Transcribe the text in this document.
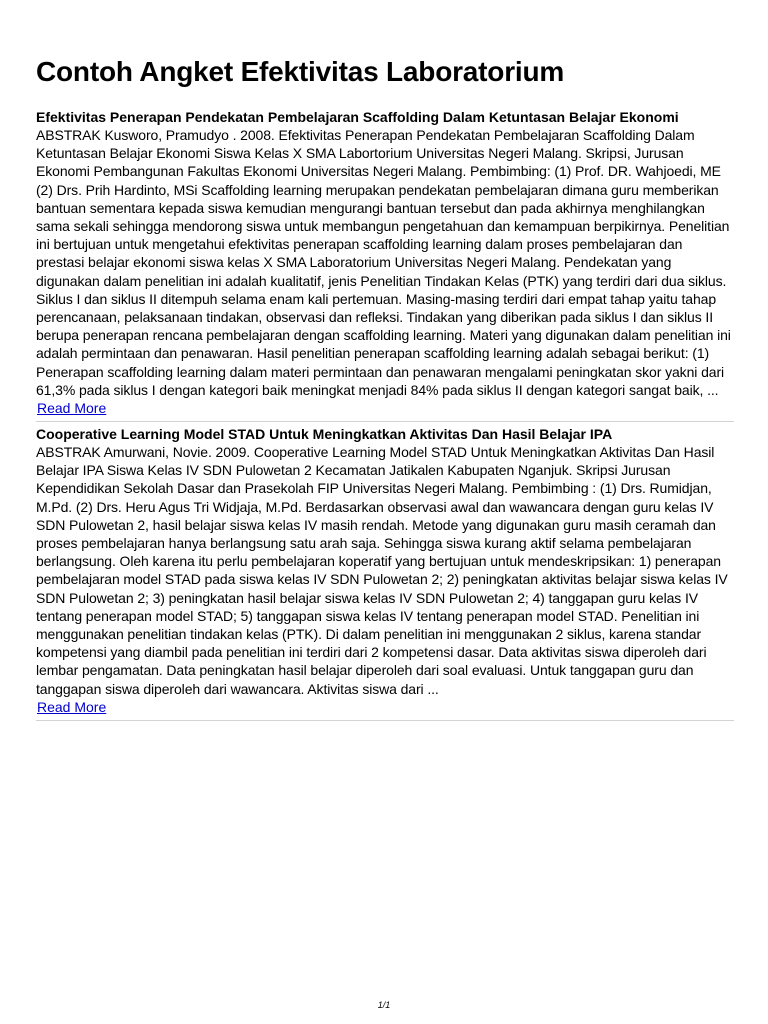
Contoh Angket Efektivitas Laboratorium

Efektivitas Penerapan Pendekatan Pembelajaran Scaffolding Dalam Ketuntasan Belajar Ekonomi

ABSTRAK Kusworo, Pramudyo . 2008. Efektivitas Penerapan Pendekatan Pembelajaran Scaffolding Dalam Ketuntasan Belajar Ekonomi Siswa Kelas X SMA Labortorium Universitas Negeri Malang. Skripsi, Jurusan Ekonomi Pembangunan Fakultas Ekonomi Universitas Negeri Malang. Pembimbing: (1) Prof. DR. Wahjoedi, ME (2) Drs. Prih Hardinto, MSi Scaffolding learning merupakan pendekatan pembelajaran dimana guru memberikan bantuan sementara kepada siswa kemudian mengurangi bantuan tersebut dan pada akhirnya menghilangkan sama sekali sehingga mendorong siswa untuk membangun pengetahuan dan kemampuan berpikirnya. Penelitian ini bertujuan untuk mengetahui efektivitas penerapan scaffolding learning dalam proses pembelajaran dan prestasi belajar ekonomi siswa kelas X SMA Laboratorium Universitas Negeri Malang. Pendekatan yang digunakan dalam penelitian ini adalah kualitatif, jenis Penelitian Tindakan Kelas (PTK) yang terdiri dari dua siklus. Siklus I dan siklus II ditempuh selama enam kali pertemuan. Masing-masing terdiri dari empat tahap yaitu tahap perencanaan, pelaksanaan tindakan, observasi dan refleksi. Tindakan yang diberikan pada siklus I dan siklus II berupa penerapan rencana pembelajaran dengan scaffolding learning. Materi yang digunakan dalam penelitian ini adalah permintaan dan penawaran. Hasil penelitian penerapan scaffolding learning adalah sebagai berikut: (1) Penerapan scaffolding learning dalam materi permintaan dan penawaran mengalami peningkatan skor yakni dari 61,3% pada siklus I dengan kategori baik meningkat menjadi 84% pada siklus II dengan kategori sangat baik, ...

Read More

Cooperative Learning Model STAD Untuk Meningkatkan Aktivitas Dan Hasil Belajar IPA

ABSTRAK Amurwani, Novie. 2009. Cooperative Learning Model STAD Untuk Meningkatkan Aktivitas Dan Hasil Belajar IPA Siswa Kelas IV SDN Pulowetan 2 Kecamatan Jatikalen Kabupaten Nganjuk. Skripsi Jurusan Kependidikan Sekolah Dasar dan Prasekolah FIP Universitas Negeri Malang. Pembimbing : (1) Drs. Rumidjan, M.Pd. (2) Drs. Heru Agus Tri Widjaja, M.Pd. Berdasarkan observasi awal dan wawancara dengan guru kelas IV SDN Pulowetan 2, hasil belajar siswa kelas IV masih rendah. Metode yang digunakan guru masih ceramah dan proses pembelajaran hanya berlangsung satu arah saja. Sehingga siswa kurang aktif selama pembelajaran berlangsung. Oleh karena itu perlu pembelajaran koperatif yang bertujuan untuk mendeskripsikan: 1) penerapan pembelajaran model STAD pada siswa kelas IV SDN Pulowetan 2; 2) peningkatan aktivitas belajar siswa kelas IV SDN Pulowetan 2; 3) peningkatan hasil belajar siswa kelas IV SDN Pulowetan 2; 4) tanggapan guru kelas IV tentang penerapan model STAD; 5) tanggapan siswa kelas IV tentang penerapan model STAD. Penelitian ini menggunakan penelitian tindakan kelas (PTK). Di dalam penelitian ini menggunakan 2 siklus, karena standar kompetensi yang diambil pada penelitian ini terdiri dari 2 kompetensi dasar. Data aktivitas siswa diperoleh dari lembar pengamatan. Data peningkatan hasil belajar diperoleh dari soal evaluasi. Untuk tanggapan guru dan tanggapan siswa diperoleh dari wawancara. Aktivitas siswa dari ...

Read More
1/1
